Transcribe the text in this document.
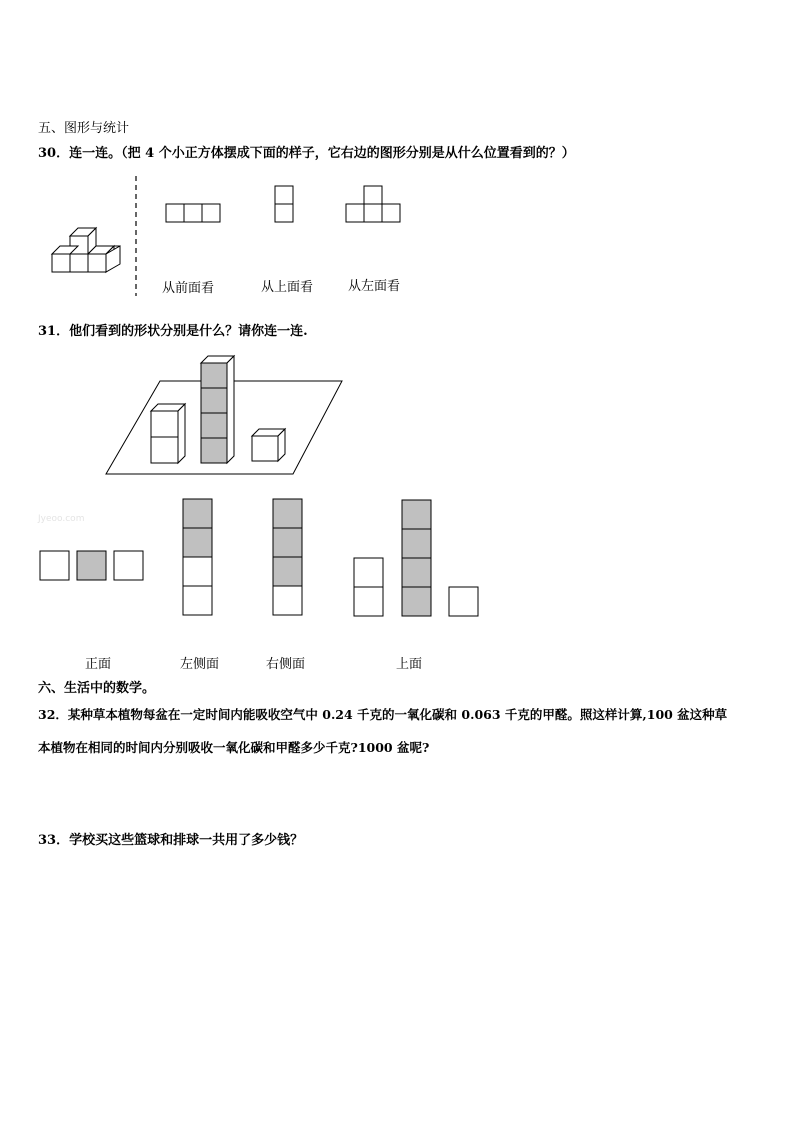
五、图形与统计
30．连一连。（把 4 个小正方体摆成下面的样子，它右边的图形分别是从什么位置看到的？）
从前面看	从上面看	从左面看
31．他们看到的形状分别是什么？请你连一连.
Jyeoo.com
正面	左侧面	右侧面	上面
六、生活中的数学。
32．某种草本植物每盆在一定时间内能吸收空气中 0.24 千克的一氧化碳和 0.063 千克的甲醛。照这样计算,100 盆这种草
本植物在相同的时间内分别吸收一氧化碳和甲醛多少千克?1000 盆呢?
33．学校买这些篮球和排球一共用了多少钱？
